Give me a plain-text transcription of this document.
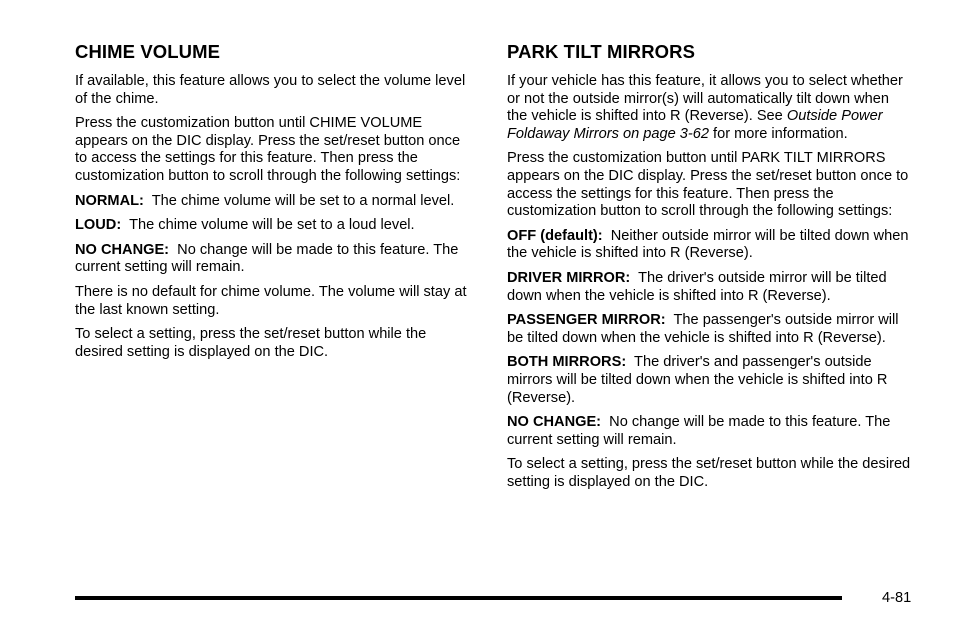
CHIME VOLUME

If available, this feature allows you to select the volume level of the chime.

Press the customization button until CHIME VOLUME appears on the DIC display. Press the set/reset button once to access the settings for this feature. Then press the customization button to scroll through the following settings:

NORMAL: The chime volume will be set to a normal level.

LOUD: The chime volume will be set to a loud level.

NO CHANGE: No change will be made to this feature. The current setting will remain.

There is no default for chime volume. The volume will stay at the last known setting.

To select a setting, press the set/reset button while the desired setting is displayed on the DIC.

PARK TILT MIRRORS

If your vehicle has this feature, it allows you to select whether or not the outside mirror(s) will automatically tilt down when the vehicle is shifted into R (Reverse). See Outside Power Foldaway Mirrors on page 3-62 for more information.

Press the customization button until PARK TILT MIRRORS appears on the DIC display. Press the set/reset button once to access the settings for this feature. Then press the customization button to scroll through the following settings:

OFF (default): Neither outside mirror will be tilted down when the vehicle is shifted into R (Reverse).

DRIVER MIRROR: The driver's outside mirror will be tilted down when the vehicle is shifted into R (Reverse).

PASSENGER MIRROR: The passenger's outside mirror will be tilted down when the vehicle is shifted into R (Reverse).

BOTH MIRRORS: The driver's and passenger's outside mirrors will be tilted down when the vehicle is shifted into R (Reverse).

NO CHANGE: No change will be made to this feature. The current setting will remain.

To select a setting, press the set/reset button while the desired setting is displayed on the DIC.

4-81
